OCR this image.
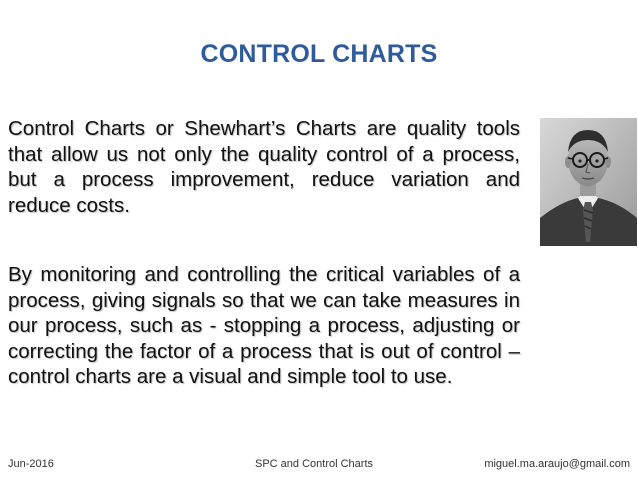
CONTROL CHARTS
Control Charts or Shewhart’s Charts are quality tools that allow us not only the quality control of a process, but a process improvement, reduce variation and reduce costs.
By monitoring and controlling the critical variables of a process, giving signals so that we can take measures in our process, such as - stopping a process, adjusting or correcting the factor of a process that is out of control – control charts are a visual and simple tool to use.
Jun-2016	SPC and Control Charts	miguel.ma.araujo@gmail.com
